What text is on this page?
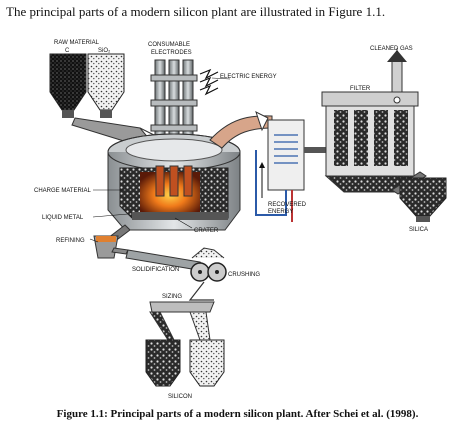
The principal parts of a modern silicon plant are illustrated in Figure 1.1.
RAW MATERIAL
C	SiO₂
CONSUMABLE
ELECTRODES
ELECTRIC ENERGY
CLEANED GAS
FILTER
CHARGE MATERIAL
RECOVERED
ENERGY
LIQUID METAL
CRATER	SILICA
REFINING
SOLIDIFICATION
CRUSHING
SIZING
SILICON
Figure 1.1: Principal parts of a modern silicon plant. After Schei et al. (1998).
